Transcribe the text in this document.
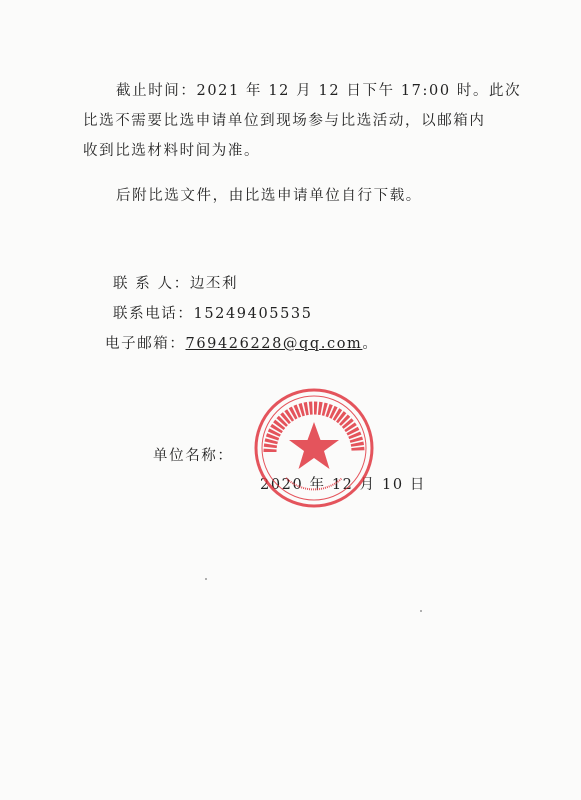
截止时间：2021 年 12 月 12 日下午 17:00 时。此次
比选不需要比选申请单位到现场参与比选活动，以邮箱内
收到比选材料时间为准。
后附比选文件，由比选申请单位自行下载。
联 系 人：边丕利
联系电话：15249405535
电子邮箱：769426228@qq.com。
单位名称：
2020 年 12 月 10 日
